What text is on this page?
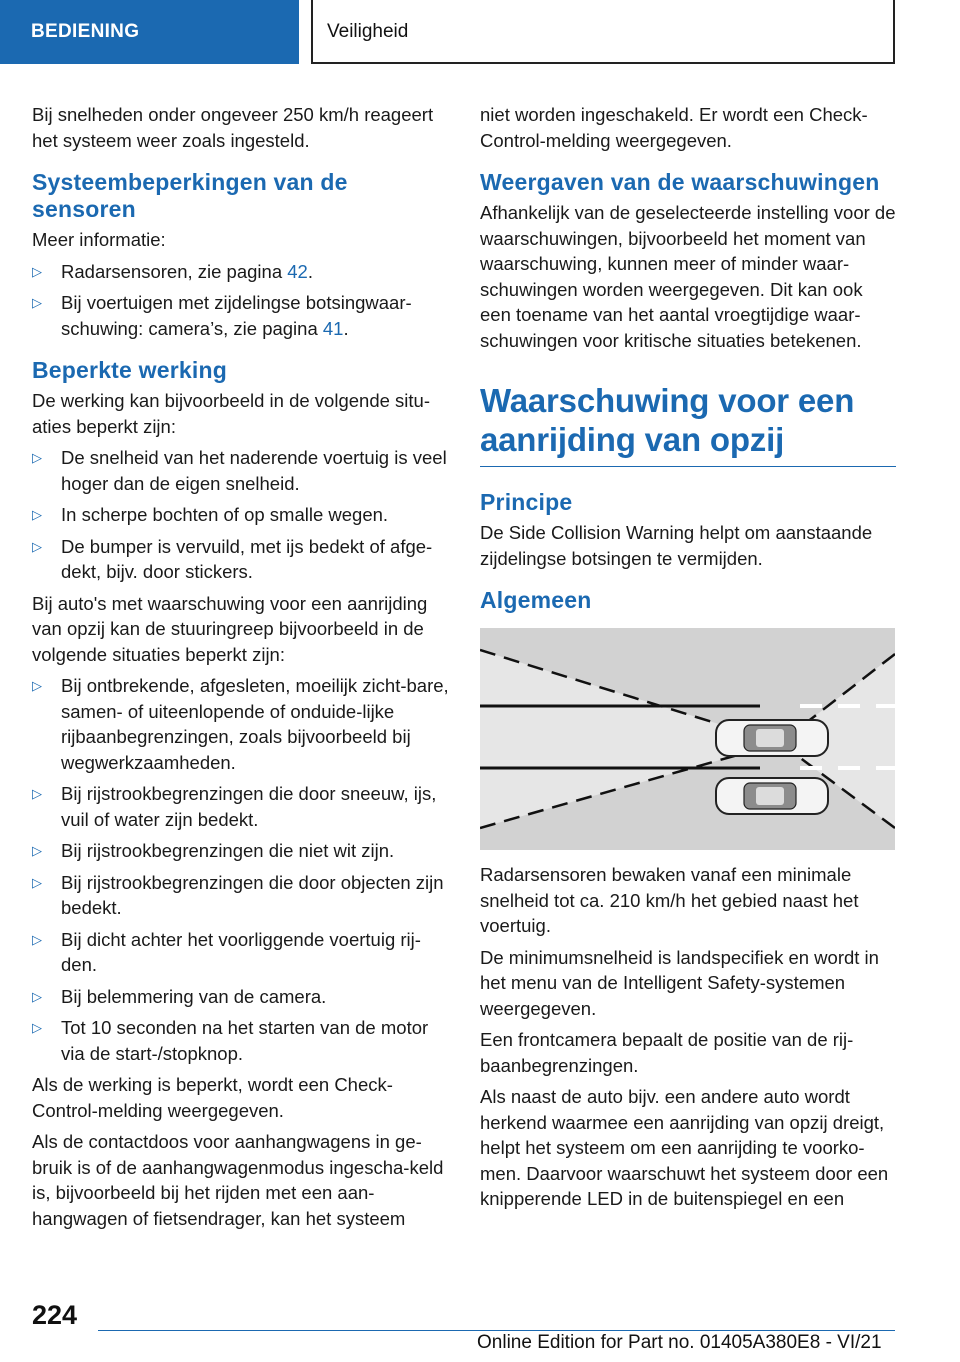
BEDIENING	Veiligheid

Bij snelheden onder ongeveer 250 km/h reageert het systeem weer zoals ingesteld.

Systeembeperkingen van de sensoren

Meer informatie:

▷ Radarsensoren, zie pagina 42.
▷ Bij voertuigen met zijdelingse botsingwaar-schuwing: camera’s, zie pagina 41.
Beperkte werking

De werking kan bijvoorbeeld in de volgende situ-aties beperkt zijn:

▷ De snelheid van het naderende voertuig is veel hoger dan de eigen snelheid.
▷ In scherpe bochten of op smalle wegen.
▷ De bumper is vervuild, met ijs bedekt of afge-dekt, bijv. door stickers.

Bij auto's met waarschuwing voor een aanrijding van opzij kan de stuuringreep bijvoorbeeld in de volgende situaties beperkt zijn:

▷ Bij ontbrekende, afgesleten, moeilijk zicht-bare, samen- of uiteenlopende of onduide-lijke rijbaanbegrenzingen, zoals bijvoorbeeld bij wegwerkzaamheden.
▷ Bij rijstrookbegrenzingen die door sneeuw, ijs, vuil of water zijn bedekt.
▷ Bij rijstrookbegrenzingen die niet wit zijn.
▷ Bij rijstrookbegrenzingen die door objecten zijn bedekt.
▷ Bij dicht achter het voorliggende voertuig rij-den.
▷ Bij belemmering van de camera.
▷ Tot 10 seconden na het starten van de motor via de start-/stopknop.

Als de werking is beperkt, wordt een Check-Control-melding weergegeven.

Als de contactdoos voor aanhangwagens in ge-bruik is of de aanhangwagenmodus ingescha-keld is, bijvoorbeeld bij het rijden met een aan-hangwagen of fietsendrager, kan het systeem

niet worden ingeschakeld. Er wordt een Check-Control-melding weergegeven.

Weergaven van de waarschuwingen

Afhankelijk van de geselecteerde instelling voor de waarschuwingen, bijvoorbeeld het moment van waarschuwing, kunnen meer of minder waar-schuwingen worden weergegeven. Dit kan ook een toename van het aantal vroegtijdige waar-schuwingen voor kritische situaties betekenen.

Waarschuwing voor een aanrijding van opzij
Principe

De Side Collision Warning helpt om aanstaande zijdelingse botsingen te vermijden.

Algemeen

Radarsensoren bewaken vanaf een minimale snelheid tot ca. 210 km/h het gebied naast het voertuig.

De minimumsnelheid is landspecifiek en wordt in het menu van de Intelligent Safety-systemen weergegeven.

Een frontcamera bepaalt de positie van de rij-baanbegrenzingen.

Als naast de auto bijv. een andere auto wordt herkend waarmee een aanrijding van opzij dreigt, helpt het systeem om een aanrijding te voorko-men. Daarvoor waarschuwt het systeem door een knipperende LED in de buitenspiegel en een

224
Online Edition for Part no. 01405A380E8 - VI/21
